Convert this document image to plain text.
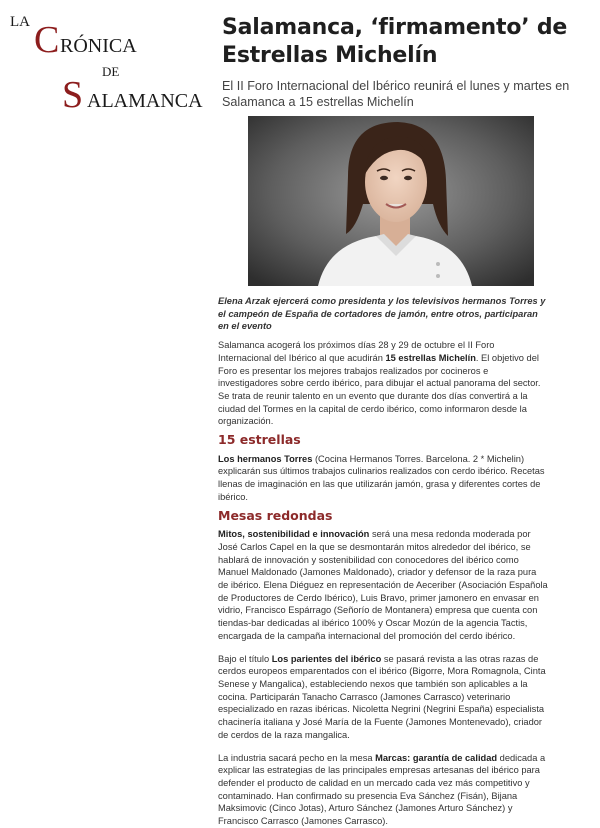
LA C RÓNICA
DE
S ALAMANCA
Salamanca, ‘firmamento’ de Estrellas Michelín

El II Foro Internacional del Ibérico reunirá el lunes y martes en Salamanca a 15 estrellas Michelín

Elena Arzak ejercerá como presidenta y los televisivos hermanos Torres y el campeón de España de cortadores de jamón, entre otros, participaran en el evento

Salamanca acogerá los próximos días 28 y 29 de octubre el II Foro Internacional del Ibérico al que acudirán 15 estrellas Michelín. El objetivo del Foro es presentar los mejores trabajos realizados por cocineros e investigadores sobre cerdo ibérico, para dibujar el actual panorama del sector. Se trata de reunir talento en un evento que durante dos días convertirá a la ciudad del Tormes en la capital de cerdo ibérico, como informaron desde la organización.

15 estrellas

Los hermanos Torres (Cocina Hermanos Torres. Barcelona. 2 * Michelin) explicarán sus últimos trabajos culinarios realizados con cerdo ibérico. Recetas llenas de imaginación en las que utilizarán jamón, grasa y diferentes cortes de ibérico.

Mesas redondas

Mitos, sostenibilidad e innovación será una mesa redonda moderada por José Carlos Capel en la que se desmontarán mitos alrededor del ibérico, se hablará de innovación y sostenibilidad con conocedores del ibérico como Manuel Maldonado (Jamones Maldonado), criador y defensor de la raza pura de ibérico. Elena Diéguez en representación de Aeceriber (Asociación Española de Productores de Cerdo Ibérico), Luis Bravo, primer jamonero en envasar en vidrio, Francisco Espárrago (Señorío de Montanera) empresa que cuenta con tiendas-bar dedicadas al ibérico 100% y Oscar Mozún de la agencia Tactis, encargada de la campaña internacional del promoción del cerdo ibérico.

Bajo el título Los parientes del ibérico se pasará revista a las otras razas de cerdos europeos emparentados con el ibérico (Bigorre, Mora Romagnola, Cinta Senese y Mangalica), estableciendo nexos que también son aplicables a la cocina. Participarán Tanacho Carrasco (Jamones Carrasco) veterinario especializado en razas ibéricas. Nicoletta Negrini (Negrini España) especialista chacinería italiana y José María de la Fuente (Jamones Montenevado), criador de cerdos de la raza mangalica.

La industria sacará pecho en la mesa Marcas: garantía de calidad dedicada a explicar las estrategias de las principales empresas artesanas del ibérico para defender el producto de calidad en un mercado cada vez más competitivo y contaminado. Han confirmado su presencia Eva Sánchez (Fisán), Bijana Maksimovic (Cinco Jotas), Arturo Sánchez (Jamones Arturo Sánchez) y Francisco Carrasco (Jamones Carrasco).
